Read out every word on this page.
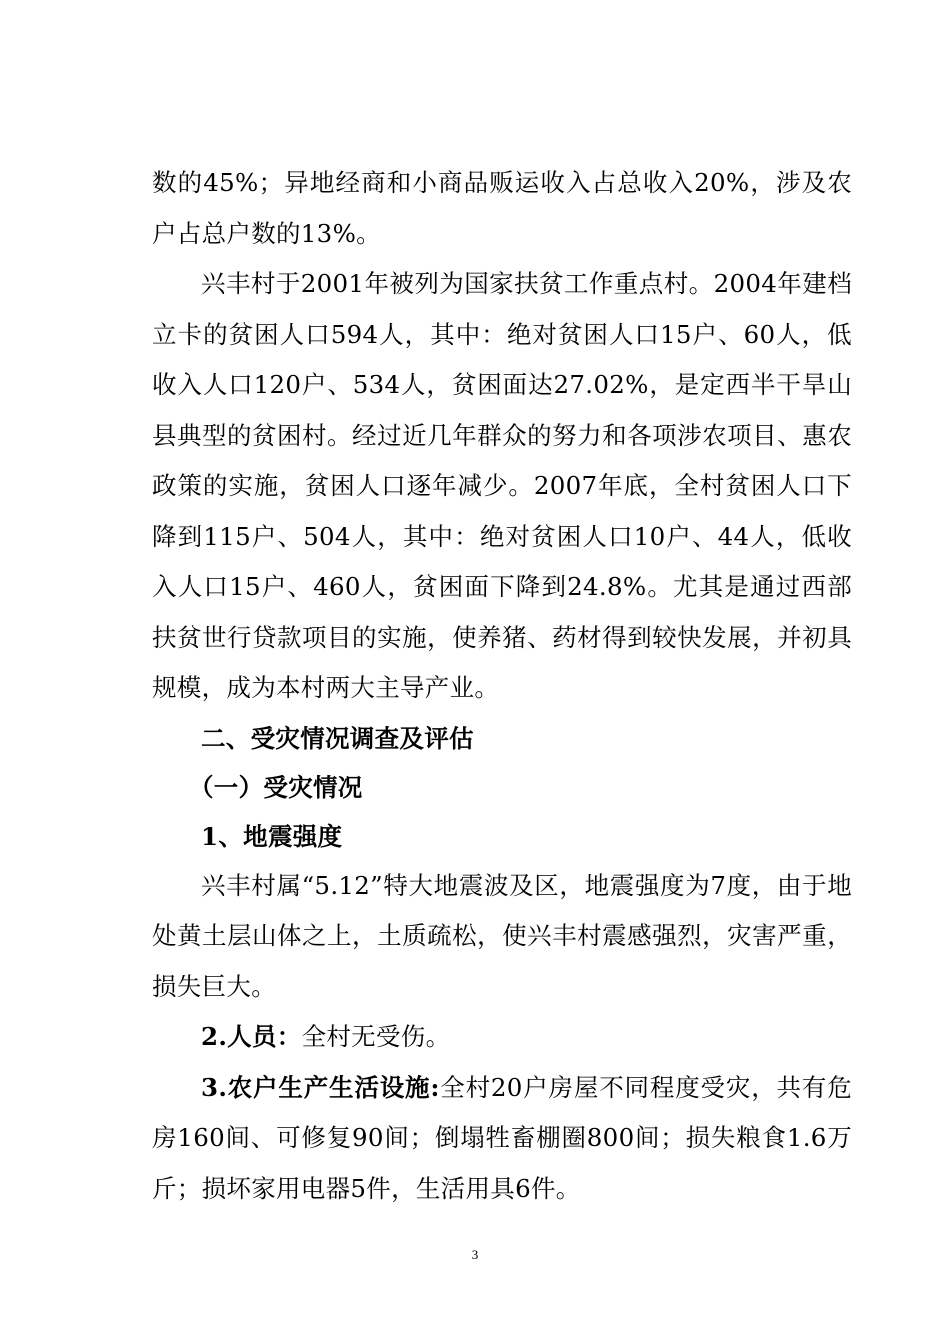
数的45%；异地经商和小商品贩运收入占总收入20%，涉及农户占总户数的13%。

兴丰村于2001年被列为国家扶贫工作重点村。2004年建档立卡的贫困人口594人，其中：绝对贫困人口15户、60人，低收入人口120户、534人，贫困面达27.02%，是定西半干旱山县典型的贫困村。经过近几年群众的努力和各项涉农项目、惠农政策的实施，贫困人口逐年减少。2007年底，全村贫困人口下降到115户、504人，其中：绝对贫困人口10户、44人，低收入人口15户、460人，贫困面下降到24.8%。尤其是通过西部扶贫世行贷款项目的实施，使养猪、药材得到较快发展，并初具规模，成为本村两大主导产业。

二、受灾情况调查及评估

（一）受灾情况

1、地震强度

兴丰村属“5.12”特大地震波及区，地震强度为7度，由于地处黄土层山体之上，土质疏松，使兴丰村震感强烈，灾害严重，损失巨大。

2.人员：全村无受伤。

3.农户生产生活设施:全村20户房屋不同程度受灾，共有危房160间、可修复90间；倒塌牲畜棚圈800间；损失粮食1.6万斤；损坏家用电器5件，生活用具6件。

3
